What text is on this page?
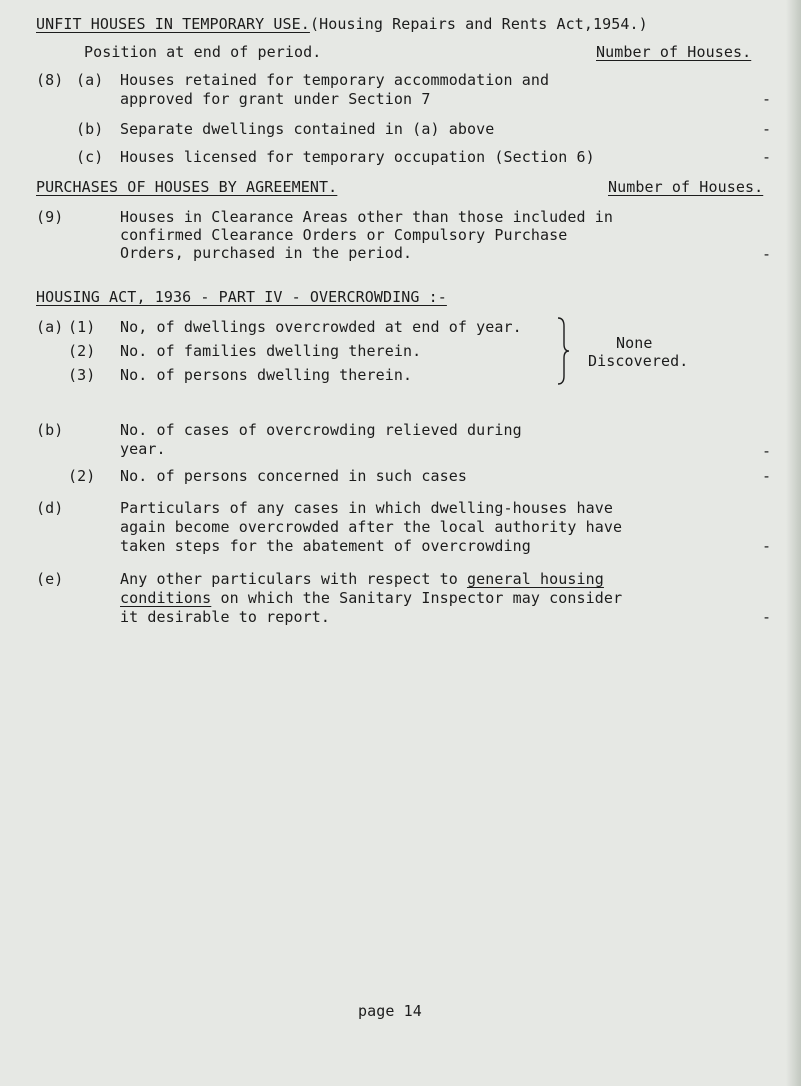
UNFIT HOUSES IN TEMPORARY USE.(Housing Repairs and Rents Act,1954.)
Position at end of period.	Number of Houses.
(8) (a) Houses retained for temporary accommodation and
approved for grant under Section 7	-
(b) Separate dwellings contained in (a) above	-
(c) Houses licensed for temporary occupation (Section 6)	-
PURCHASES OF HOUSES BY AGREEMENT.	Number of Houses.
(9)	Houses in Clearance Areas other than those included in
confirmed Clearance Orders or Compulsory Purchase
Orders, purchased in the period.	-
HOUSING ACT, 1936 - PART IV - OVERCROWDING :-
(a) (1) No, of dwellings overcrowded at end of year.
(2) No. of families dwelling therein.
(3) No. of persons dwelling therein.
None
Discovered.
(b)	No. of cases of overcrowding relieved during
year.	-
(2) No. of persons concerned in such cases	-
(d)	Particulars of any cases in which dwelling-houses have
again become overcrowded after the local authority have
taken steps for the abatement of overcrowding	-
(e)	Any other particulars with respect to general housing
conditions on which the Sanitary Inspector may consider
it desirable to report.	-
page 14
